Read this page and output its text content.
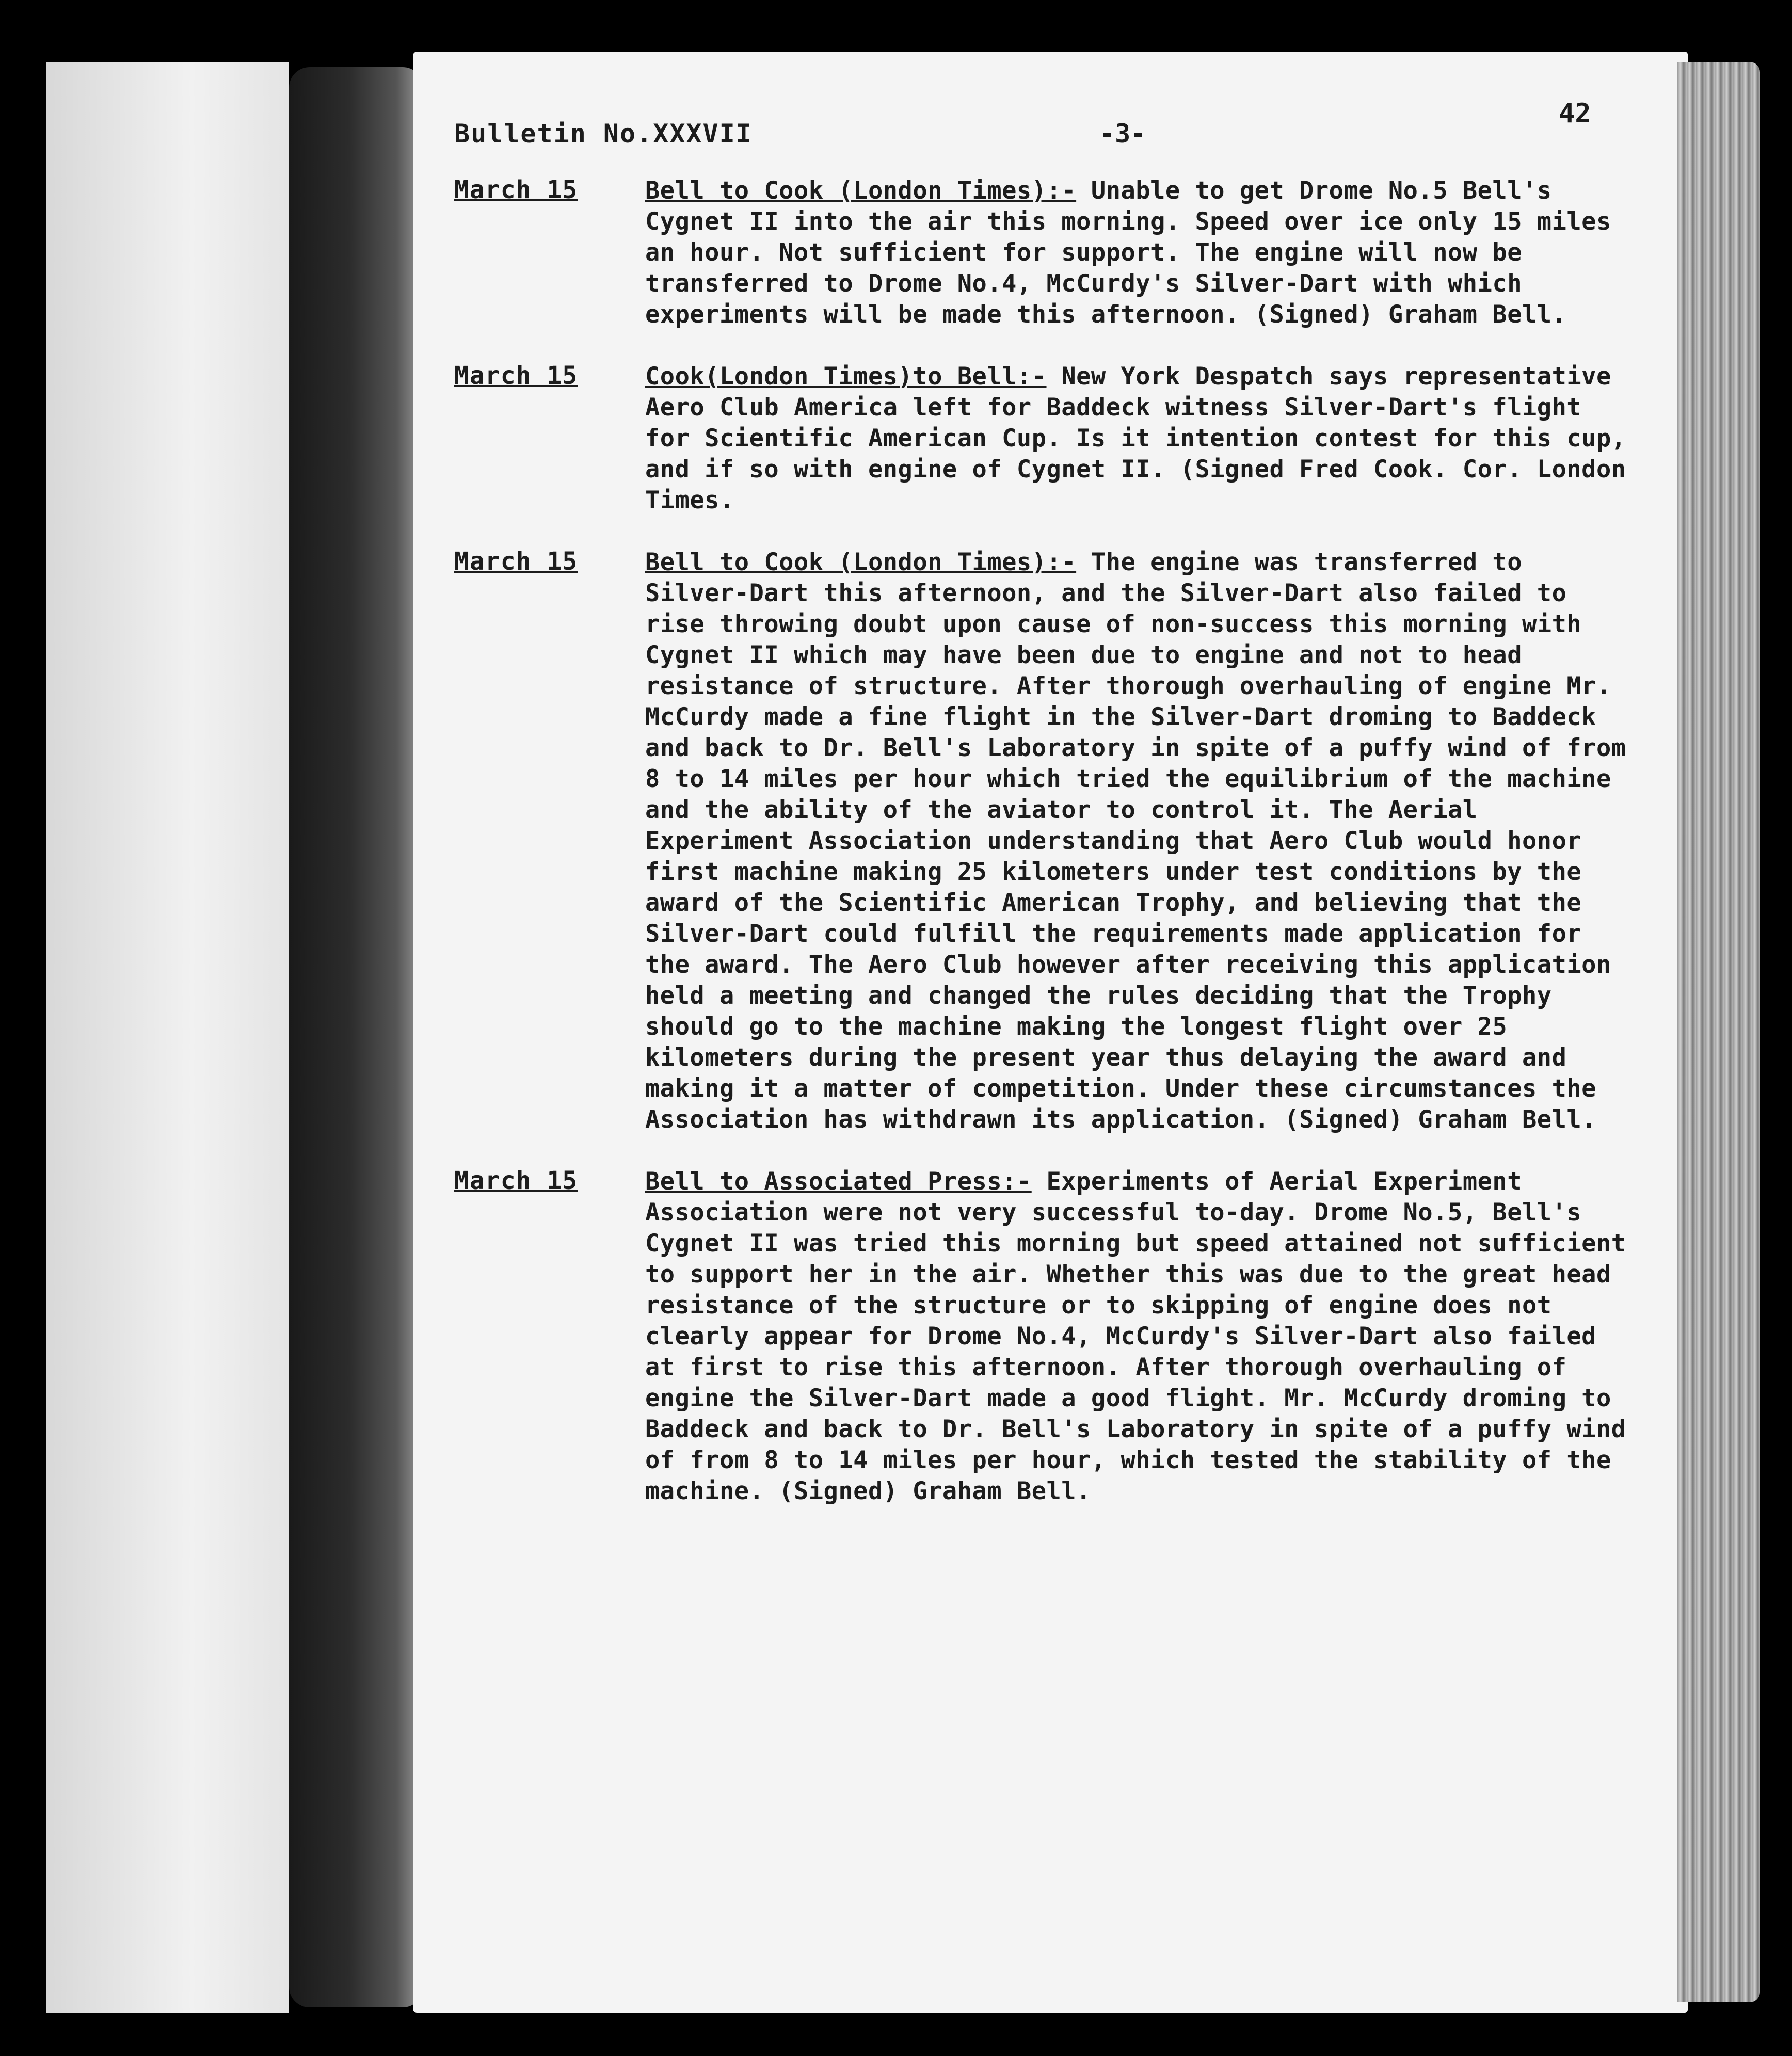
Bulletin No.XXXVII	-3-
42
March 15	Bell to Cook (London Times):- Unable to get Drome No.5 Bell's Cygnet II into the air this morning. Speed over ice only 15 miles an hour. Not sufficient for support. The engine will now be transferred to Drome No.4, McCurdy's Silver-Dart with which experiments will be made this afternoon. (Signed) Graham Bell.
March 15	Cook(London Times)to Bell:- New York Despatch says representative Aero Club America left for Baddeck witness Silver-Dart's flight for Scientific American Cup. Is it intention contest for this cup, and if so with engine of Cygnet II. (Signed Fred Cook. Cor. London Times.
March 15	Bell to Cook (London Times):- The engine was transferred to Silver-Dart this afternoon, and the Silver-Dart also failed to rise throwing doubt upon cause of non-success this morning with Cygnet II which may have been due to engine and not to head resistance of structure. After thorough overhauling of engine Mr. McCurdy made a fine flight in the Silver-Dart droming to Baddeck and back to Dr. Bell's Laboratory in spite of a puffy wind of from 8 to 14 miles per hour which tried the equilibrium of the machine and the ability of the aviator to control it. The Aerial Experiment Association understanding that Aero Club would honor first machine making 25 kilometers under test conditions by the award of the Scientific American Trophy, and believing that the Silver-Dart could fulfill the requirements made application for the award. The Aero Club however after receiving this application held a meeting and changed the rules deciding that the Trophy should go to the machine making the longest flight over 25 kilometers during the present year thus delaying the award and making it a matter of competition. Under these circumstances the Association has withdrawn its application. (Signed) Graham Bell.
March 15	Bell to Associated Press:- Experiments of Aerial Experiment Association were not very successful to-day. Drome No.5, Bell's Cygnet II was tried this morning but speed attained not sufficient to support her in the air. Whether this was due to the great head resistance of the structure or to skipping of engine does not clearly appear for Drome No.4, McCurdy's Silver-Dart also failed at first to rise this afternoon. After thorough overhauling of engine the Silver-Dart made a good flight. Mr. McCurdy droming to Baddeck and back to Dr. Bell's Laboratory in spite of a puffy wind of from 8 to 14 miles per hour, which tested the stability of the machine. (Signed) Graham Bell.
